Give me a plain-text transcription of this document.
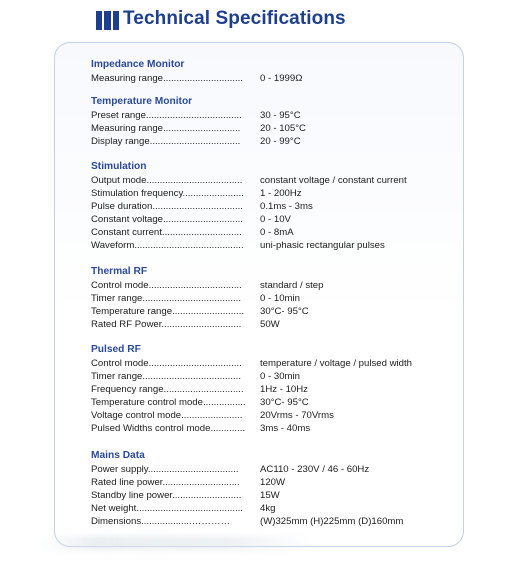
Technical Specifications
Impedance Monitor
Measuring range.............................. 0 - 1999Ω
Temperature Monitor
Preset range.................................... 30 - 95°C
Measuring range............................. 20 - 105°C
Display range.................................. 20 - 99°C
Stimulation
Output mode.................................... constant voltage / constant current
Stimulation frequency....................... 1 - 200Hz
Pulse duration.................................. 0.1ms - 3ms
Constant voltage.............................. 0 - 10V
Constant current.............................. 0 - 8mA
Waveform......................................... uni-phasic rectangular pulses
Thermal RF
Control mode................................... standard / step
Timer range..................................... 0 - 10min
Temperature range........................... 30°C- 95°C
Rated RF Power.............................. 50W
Pulsed RF
Control mode................................... temperature / voltage / pulsed width
Timer range..................................... 0 - 30min
Frequency range.............................. 1Hz - 10Hz
Temperature control mode................ 30°C- 95°C
Voltage control mode....................... 20Vrms - 70Vrms
Pulsed Widths control mode............. 3ms - 40ms
Mains Data
Power supply.................................. AC110 - 230V / 46 - 60Hz
Rated line power............................. 120W
Standby line power.......................... 15W
Net weight........................................ 4kg
Dimensions...................…………	(W)325mm (H)225mm (D)160mm
